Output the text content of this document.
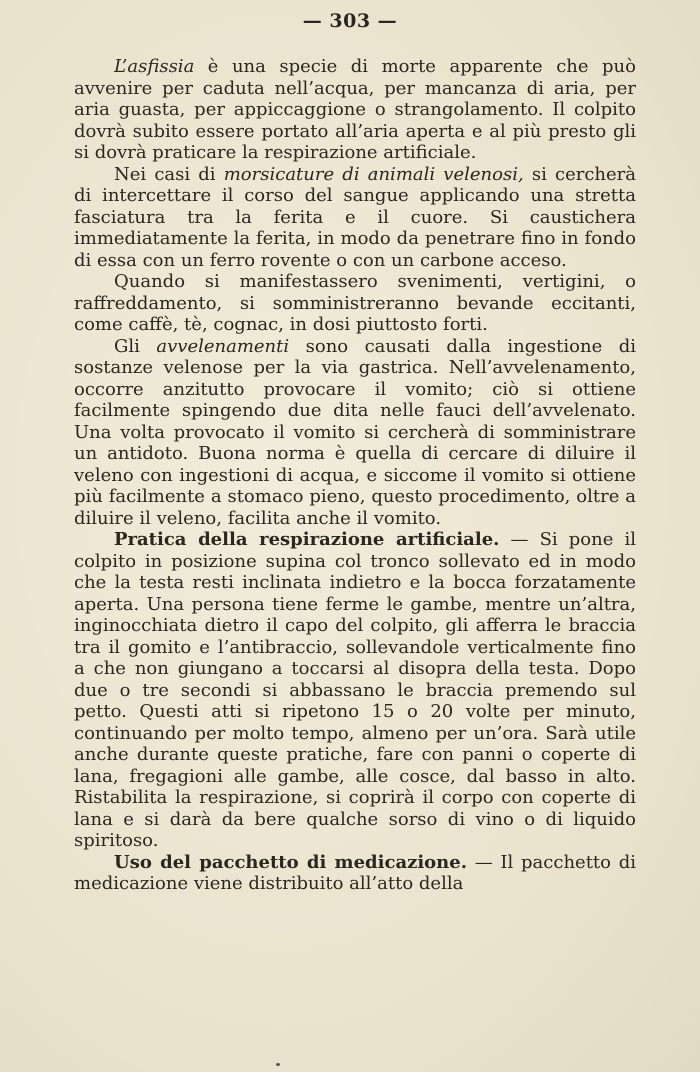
— 303 —

L’asfissia è una specie di morte apparente che può avvenire per caduta nell’acqua, per mancanza di aria, per aria guasta, per appiccaggione o strangolamento. Il colpito dovrà subito essere portato all’aria aperta e al più presto gli si dovrà praticare la respirazione artificiale.

Nei casi di morsicature di animali velenosi, si cercherà di intercettare il corso del sangue applicando una stretta fasciatura tra la ferita e il cuore. Si caustichera immediatamente la ferita, in modo da penetrare fino in fondo di essa con un ferro rovente o con un carbone acceso.

Quando si manifestassero svenimenti, vertigini, o raffreddamento, si somministreranno bevande eccitanti, come caffè, tè, cognac, in dosi piuttosto forti.

Gli avvelenamenti sono causati dalla ingestione di sostanze velenose per la via gastrica. Nell’avvelenamento, occorre anzitutto provocare il vomito; ciò si ottiene facilmente spingendo due dita nelle fauci dell’avvelenato. Una volta provocato il vomito si cercherà di somministrare un antidoto. Buona norma è quella di cercare di diluire il veleno con ingestioni di acqua, e siccome il vomito si ottiene più facilmente a stomaco pieno, questo procedimento, oltre a diluire il veleno, facilita anche il vomito.

Pratica della respirazione artificiale. — Si pone il colpito in posizione supina col tronco sollevato ed in modo che la testa resti inclinata indietro e la bocca forzatamente aperta. Una persona tiene ferme le gambe, mentre un’altra, inginocchiata dietro il capo del colpito, gli afferra le braccia tra il gomito e l’antibraccio, sollevandole verticalmente fino a che non giungano a toccarsi al disopra della testa. Dopo due o tre secondi si abbassano le braccia premendo sul petto. Questi atti si ripetono 15 o 20 volte per minuto, continuando per molto tempo, almeno per un’ora. Sarà utile anche durante queste pratiche, fare con panni o coperte di lana, fregagioni alle gambe, alle cosce, dal basso in alto. Ristabilita la respirazione, si coprirà il corpo con coperte di lana e si darà da bere qualche sorso di vino o di liquido spiritoso.

Uso del pacchetto di medicazione. — Il pacchetto di medicazione viene distribuito all’atto della
